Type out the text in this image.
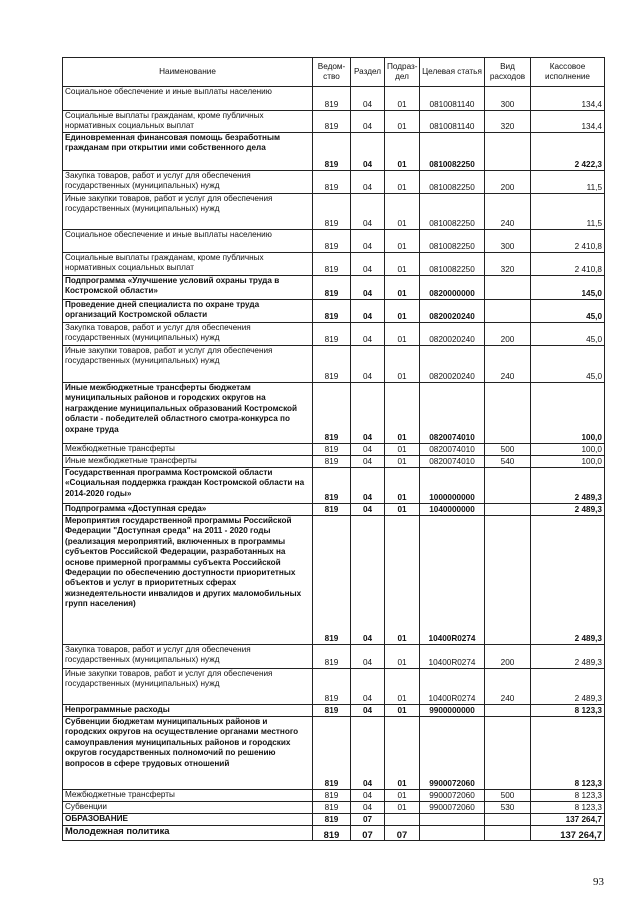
Наименование	Ведом-ство	Раздел	Подраз-дел	Целевая статья	Вид расходов	Кассовое исполнение
Социальное обеспечение и иные выплаты населению	819	04	01	0810081140	300	134,4
Социальные выплаты гражданам, кроме публичных нормативных социальных выплат	819	04	01	0810081140	320	134,4
Единовременная финансовая помощь безработным гражданам при открытии ими собственного дела	819	04	01	0810082250		2 422,3
Закупка товаров, работ и услуг для обеспечения государственных (муниципальных) нужд	819	04	01	0810082250	200	11,5
Иные закупки товаров, работ и услуг для обеспечения государственных (муниципальных) нужд	819	04	01	0810082250	240	11,5
Социальное обеспечение и иные выплаты населению	819	04	01	0810082250	300	2 410,8
Социальные выплаты гражданам, кроме публичных нормативных социальных выплат	819	04	01	0810082250	320	2 410,8
Подпрограмма «Улучшение условий охраны труда в Костромской области»	819	04	01	0820000000		145,0
Проведение дней специалиста по охране труда организаций Костромской области	819	04	01	0820020240		45,0
Закупка товаров, работ и услуг для обеспечения государственных (муниципальных) нужд	819	04	01	0820020240	200	45,0
Иные закупки товаров, работ и услуг для обеспечения государственных (муниципальных) нужд	819	04	01	0820020240	240	45,0
Иные межбюджетные трансферты бюджетам муниципальных районов и городских округов на награждение муниципальных образований Костромской области - победителей областного смотра-конкурса по охране труда	819	04	01	0820074010		100,0
Межбюджетные трансферты	819	04	01	0820074010	500	100,0
Иные межбюджетные трансферты	819	04	01	0820074010	540	100,0
Государственная программа Костромской области «Социальная поддержка граждан Костромской области на 2014-2020 годы»	819	04	01	1000000000		2 489,3
Подпрограмма «Доступная среда»	819	04	01	1040000000		2 489,3
Мероприятия государственной программы Российской Федерации "Доступная среда" на 2011 - 2020 годы (реализация мероприятий, включенных в программы субъектов Российской Федерации, разработанных на основе примерной программы субъекта Российской Федерации по обеспечению доступности приоритетных объектов и услуг в приоритетных сферах жизнедеятельности инвалидов и других маломобильных групп населения)	819	04	01	10400R0274		2 489,3
Закупка товаров, работ и услуг для обеспечения государственных (муниципальных) нужд	819	04	01	10400R0274	200	2 489,3
Иные закупки товаров, работ и услуг для обеспечения государственных (муниципальных) нужд	819	04	01	10400R0274	240	2 489,3
Непрограммные расходы	819	04	01	9900000000		8 123,3
Субвенции бюджетам муниципальных районов и городских округов на осуществление органами местного самоуправления муниципальных районов и городских округов государственных полномочий по решению вопросов в сфере трудовых отношений	819	04	01	9900072060		8 123,3
Межбюджетные трансферты	819	04	01	9900072060	500	8 123,3
Субвенции	819	04	01	9900072060	530	8 123,3
ОБРАЗОВАНИЕ	819	07				137 264,7
Молодежная политика	819	07	07			137 264,7
93
